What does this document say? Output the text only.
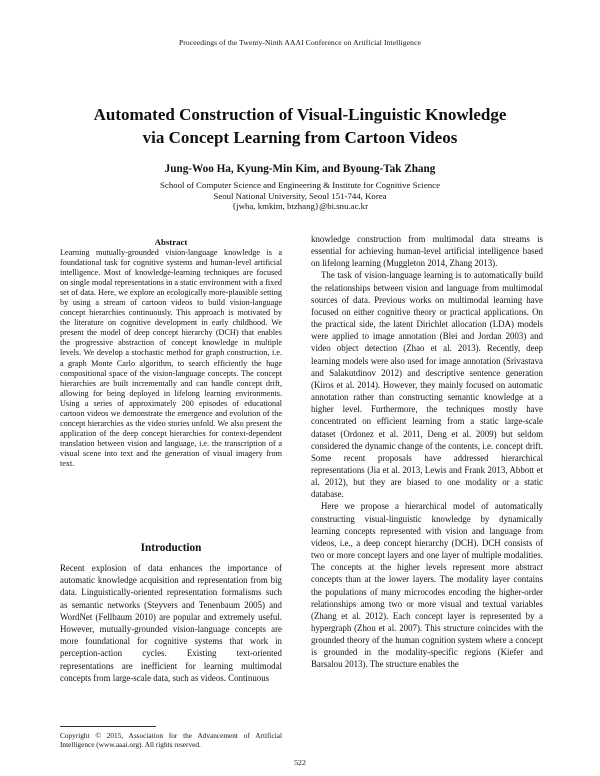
Proceedings of the Twenty-Ninth AAAI Conference on Artificial Intelligence
Automated Construction of Visual-Linguistic Knowledge
via Concept Learning from Cartoon Videos
Jung-Woo Ha, Kyung-Min Kim, and Byoung-Tak Zhang
School of Computer Science and Engineering & Institute for Cognitive Science
Seoul National University, Seoul 151-744, Korea
{jwha, kmkim, btzhang}@bi.snu.ac.kr
Abstract
Learning mutually-grounded vision-language knowledge is a foundational task for cognitive systems and human-level artificial intelligence. Most of knowledge-learning techniques are focused on single modal representations in a static environment with a fixed set of data. Here, we explore an ecologically more-plausible setting by using a stream of cartoon videos to build vision-language concept hierarchies continuously. This approach is motivated by the literature on cognitive development in early childhood. We present the model of deep concept hierarchy (DCH) that enables the progressive abstraction of concept knowledge in multiple levels. We develop a stochastic method for graph construction, i.e. a graph Monte Carlo algorithm, to search efficiently the huge compositional space of the vision-language concepts. The concept hierarchies are built incrementally and can handle concept drift, allowing for being deployed in lifelong learning environments. Using a series of approximately 200 episodes of educational cartoon videos we demonstrate the emergence and evolution of the concept hierarchies as the video stories unfold. We also present the application of the deep concept hierarchies for context-dependent translation between vision and language, i.e. the transcription of a visual scene into text and the generation of visual imagery from text.
Introduction
Recent explosion of data enhances the importance of automatic knowledge acquisition and representation from big data. Linguistically-oriented representation formalisms such as semantic networks (Steyvers and Tenenbaum 2005) and WordNet (Fellbaum 2010) are popular and extremely useful. However, mutually-grounded vision-language concepts are more foundational for cognitive systems that work in perception-action cycles. Existing text-oriented representations are inefficient for learning multimodal concepts from large-scale data, such as videos. Continuous

knowledge construction from multimodal data streams is essential for achieving human-level artificial intelligence based on lifelong learning (Muggleton 2014, Zhang 2013).

The task of vision-language learning is to automatically build the relationships between vision and language from multimodal sources of data. Previous works on multimodal learning have focused on either cognitive theory or practical applications. On the practical side, the latent Dirichlet allocation (LDA) models were applied to image annotation (Blei and Jordan 2003) and video object detection (Zhao et al. 2013). Recently, deep learning models were also used for image annotation (Srivastava and Salakutdinov 2012) and descriptive sentence generation (Kiros et al. 2014). However, they mainly focused on automatic annotation rather than constructing semantic knowledge at a higher level. Furthermore, the techniques mostly have concentrated on efficient learning from a static large-scale dataset (Ordonez et al. 2011, Deng et al. 2009) but seldom considered the dynamic change of the contents, i.e. concept drift. Some recent proposals have addressed hierarchical representations (Jia et al. 2013, Lewis and Frank 2013, Abbott et al. 2012), but they are biased to one modality or a static database.

Here we propose a hierarchical model of automatically constructing visual-linguistic knowledge by dynamically learning concepts represented with vision and language from videos, i.e., a deep concept hierarchy (DCH). DCH consists of two or more concept layers and one layer of multiple modalities. The concepts at the higher levels represent more abstract concepts than at the lower layers. The modality layer contains the populations of many microcodes encoding the higher-order relationships among two or more visual and textual variables (Zhang et al. 2012). Each concept layer is represented by a hypergraph (Zhou et al. 2007). This structure coincides with the grounded theory of the human cognition system where a concept is grounded in the modality-specific regions (Kiefer and Barsalou 2013). The structure enables the

Copyright © 2015, Association for the Advancement of Artificial Intelligence (www.aaai.org). All rights reserved.
522
